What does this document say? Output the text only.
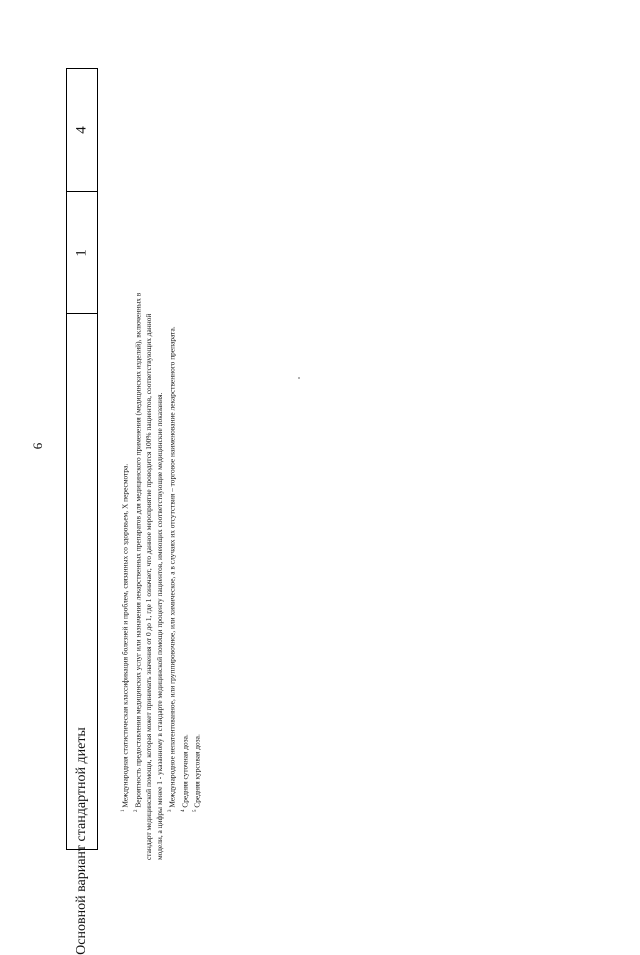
9
4
1
Основной вариант стандартной диеты	$^1$ Международная статистическая классификация болезней и проблем, связанных со здоровьем, X пересмотра.

$^2$ Вероятность предоставления медицинских услуг или назначения лекарственных препаратов для медицинского применения (медицинских изделий), включенных в стандарт медицинской помощи, которая может принимать значения от 0 до 1, где 1 означает, что данное мероприятие проводится 100% пациентов, соответствующих данной модели, а цифры менее 1 - указанному в стандарте медицинской помощи проценту пациентов, имеющих соответствующие медицинские показания. $^3$ Международное непатентованное, или группировочное, или химическое, а в случаях их отсутствия – торговое наименование лекарственного препарата.

$^4$ Средняя суточная доза.

$^5$ Средняя курсовая доза.
